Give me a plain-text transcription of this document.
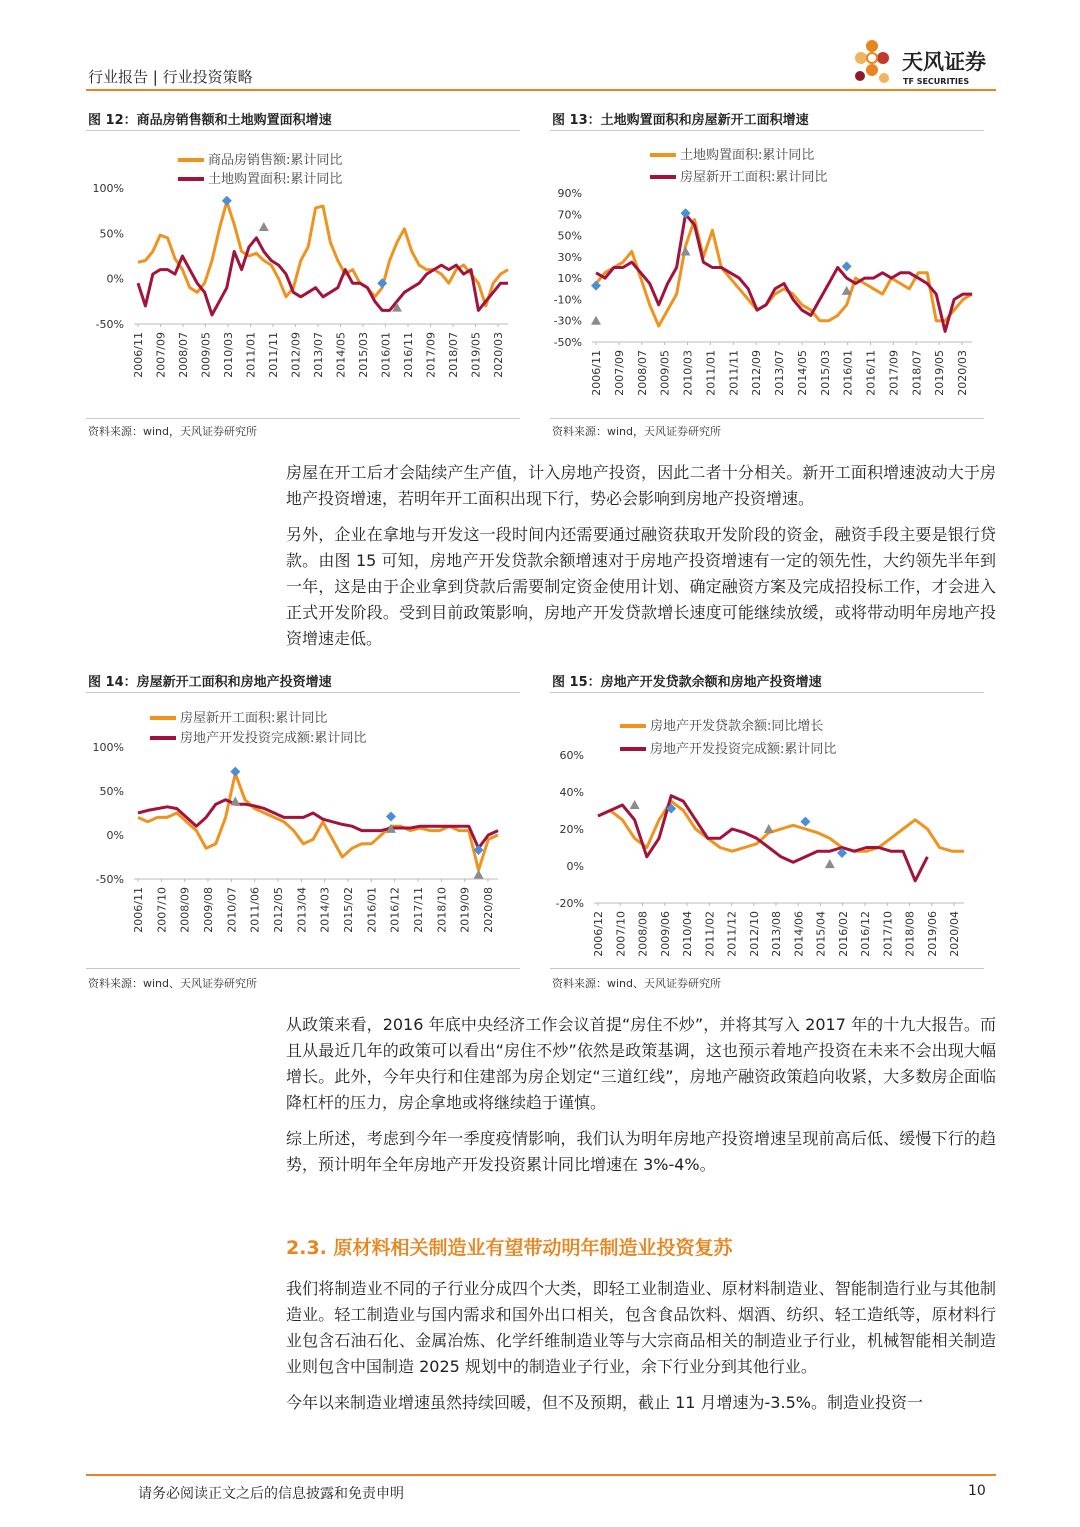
行业报告 | 行业投资策略
天风证券
TF SECURITIES
图 12：商品房销售额和土地购置面积增速
资料来源：wind，天风证券研究所
图 13：土地购置面积和房屋新开工面积增速
资料来源：wind，天风证券研究所
图 14：房屋新开工面积和房地产投资增速
资料来源：wind、天风证券研究所
图 15：房地产开发贷款余额和房地产投资增速
资料来源：wind、天风证券研究所
100%
50%
0%
-50%
2006/11 2007/09 2008/07 2009/05 2010/03 2011/01 2011/11 2012/09 2013/07 2014/05 2015/03 2016/01 2016/11 2017/09 2018/07 2019/05 2020/03
商品房销售额:累计同比
土地购置面积:累计同比
90%
70%
50%
30%
10%
-10%
-30%
-50%
2006/11 2007/09 2008/07 2009/05 2010/03 2011/01 2011/11 2012/09 2013/07 2014/05 2015/03 2016/01 2016/11 2017/09 2018/07 2019/05 2020/03
土地购置面积:累计同比
房屋新开工面积:累计同比
100%
50%
0%
-50%
2006/11 2007/10 2008/09 2009/08 2010/07 2011/06 2012/05 2013/04 2014/03 2015/02 2016/01 2016/12 2017/11 2018/10 2019/09 2020/08
房屋新开工面积:累计同比
房地产开发投资完成额:累计同比
60%
40%
20%
0%
-20%
2006/12 2007/10 2008/08 2009/06 2010/04 2011/02 2011/12 2012/10 2013/08 2014/06 2015/04 2016/02 2016/12 2017/10 2018/08 2019/06 2020/04
房地产开发贷款余额:同比增长
房地产开发投资完成额:累计同比

房屋在开工后才会陆续产生产值，计入房地产投资，因此二者十分相关。新开工面积增速波动大于房地产投资增速，若明年开工面积出现下行，势必会影响到房地产投资增速。

另外，企业在拿地与开发这一段时间内还需要通过融资获取开发阶段的资金，融资手段主要是银行贷款。由图 15 可知，房地产开发贷款余额增速对于房地产投资增速有一定的领先性，大约领先半年到一年，这是由于企业拿到贷款后需要制定资金使用计划、确定融资方案及完成招投标工作，才会进入正式开发阶段。受到目前政策影响，房地产开发贷款增长速度可能继续放缓，或将带动明年房地产投资增速走低。

从政策来看，2016 年底中央经济工作会议首提“房住不炒”，并将其写入 2017 年的十九大报告。而且从最近几年的政策可以看出“房住不炒”依然是政策基调，这也预示着地产投资在未来不会出现大幅增长。此外，今年央行和住建部为房企划定“三道红线”，房地产融资政策趋向收紧，大多数房企面临降杠杆的压力，房企拿地或将继续趋于谨慎。

综上所述，考虑到今年一季度疫情影响，我们认为明年房地产投资增速呈现前高后低、缓慢下行的趋势，预计明年全年房地产开发投资累计同比增速在 3%-4%。

2.3. 原材料相关制造业有望带动明年制造业投资复苏

我们将制造业不同的子行业分成四个大类，即轻工业制造业、原材料制造业、智能制造行业与其他制造业。轻工制造业与国内需求和国外出口相关，包含食品饮料、烟酒、纺织、轻工造纸等，原材料行业包含石油石化、金属冶炼、化学纤维制造业等与大宗商品相关的制造业子行业，机械智能相关制造业则包含中国制造 2025 规划中的制造业子行业，余下行业分到其他行业。

今年以来制造业增速虽然持续回暖，但不及预期，截止 11 月增速为-3.5%。制造业投资一

请务必阅读正文之后的信息披露和免责申明	10
